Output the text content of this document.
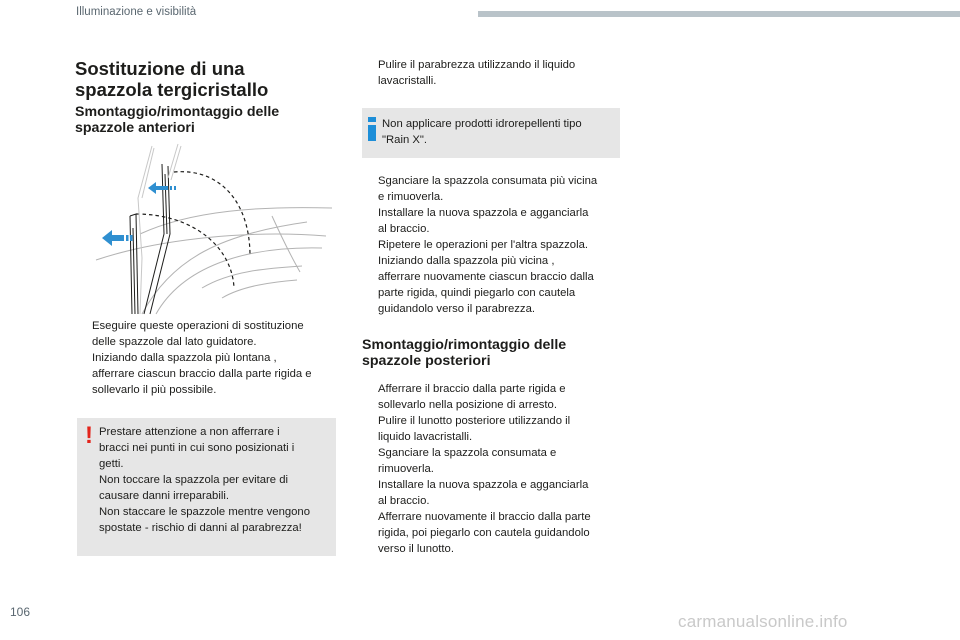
Illuminazione e visibilità
Sostituzione di una
spazzola tergicristallo
Smontaggio/rimontaggio delle
spazzole anteriori
Eseguire queste operazioni di sostituzione
delle spazzole dal lato guidatore.
Iniziando dalla spazzola più lontana ,
afferrare ciascun braccio dalla parte rigida e
sollevarlo il più possibile.
! Prestare attenzione a non afferrare i
bracci nei punti in cui sono posizionati i
getti.
Non toccare la spazzola per evitare di
causare danni irreparabili.
Non staccare le spazzole mentre vengono
spostate - rischio di danni al parabrezza!
Pulire il parabrezza utilizzando il liquido
lavacristalli.
Non applicare prodotti idrorepellenti tipo
"Rain X".
Sganciare la spazzola consumata più vicina
e rimuoverla.
Installare la nuova spazzola e agganciarla
al braccio.
Ripetere le operazioni per l'altra spazzola.
Iniziando dalla spazzola più vicina ,
afferrare nuovamente ciascun braccio dalla
parte rigida, quindi piegarlo con cautela
guidandolo verso il parabrezza.
Smontaggio/rimontaggio delle
spazzole posteriori
Afferrare il braccio dalla parte rigida e
sollevarlo nella posizione di arresto.
Pulire il lunotto posteriore utilizzando il
liquido lavacristalli.
Sganciare la spazzola consumata e
rimuoverla.
Installare la nuova spazzola e agganciarla
al braccio.
Afferrare nuovamente il braccio dalla parte
rigida, poi piegarlo con cautela guidandolo
verso il lunotto.
106	carmanualsonline.info
